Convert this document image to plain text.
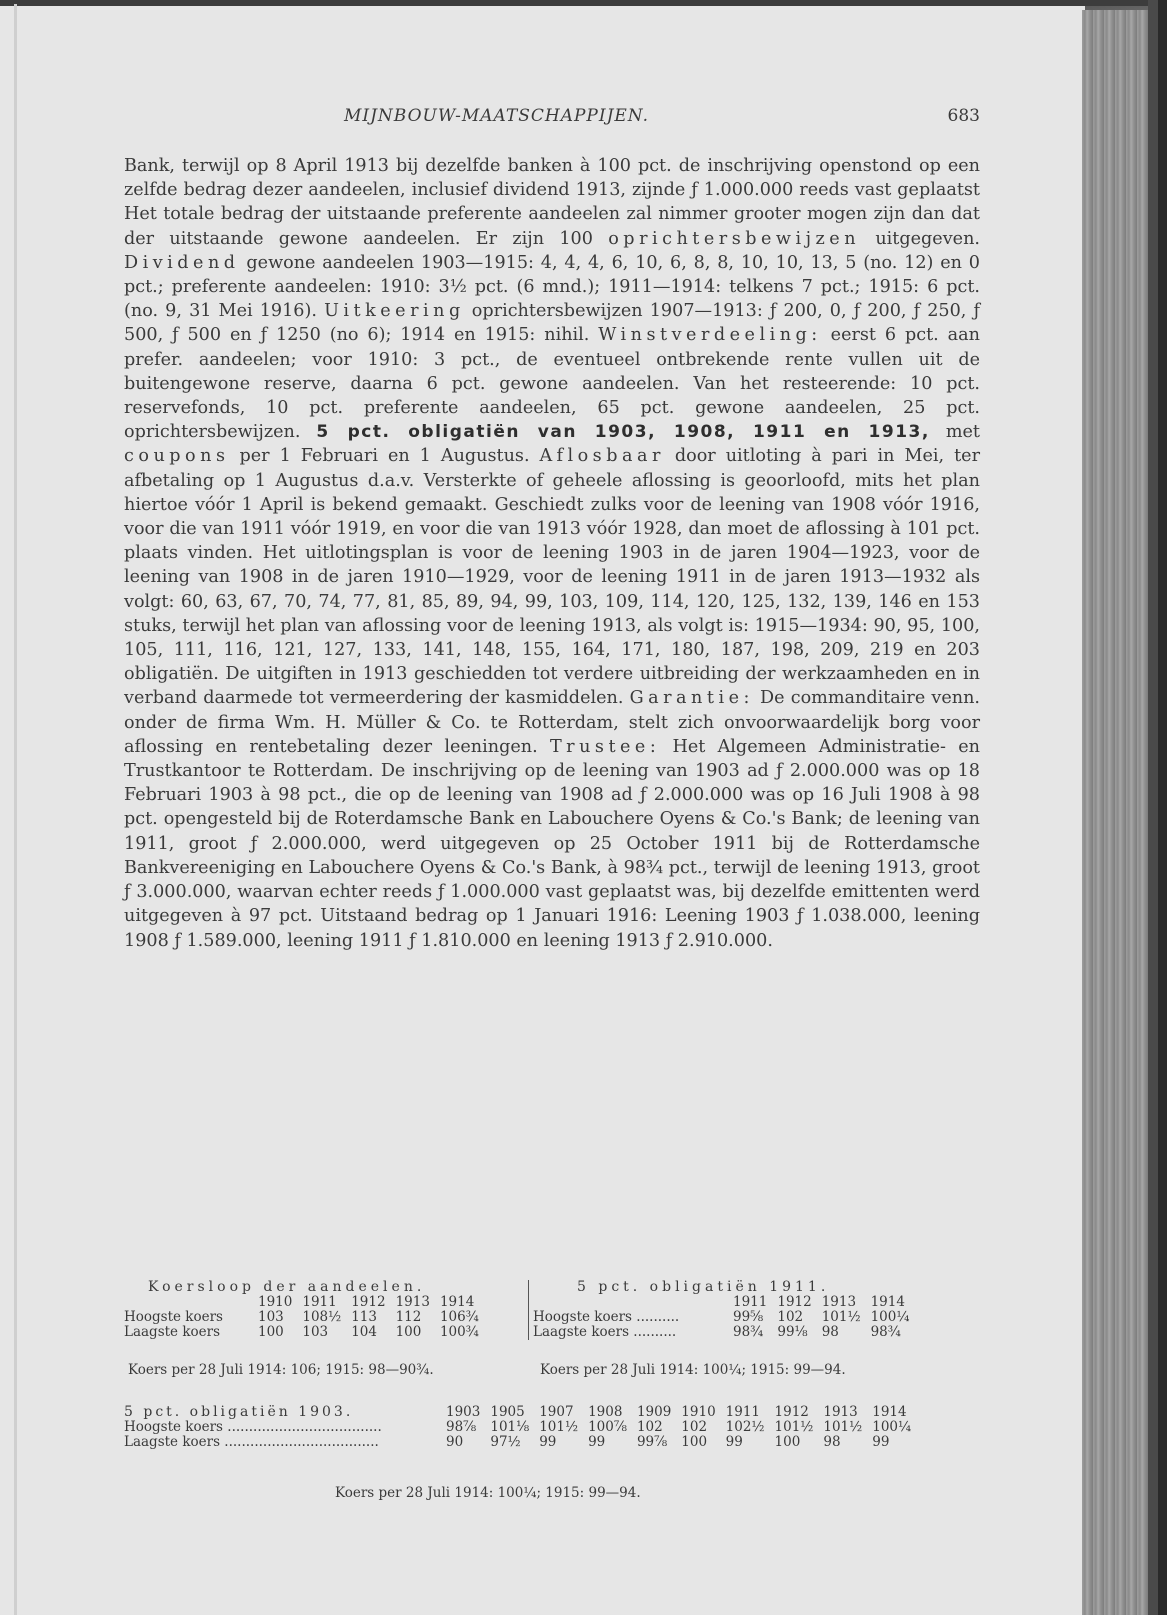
MIJNBOUW-MAATSCHAPPIJEN.	683
Bank, terwijl op 8 April 1913 bij dezelfde banken à 100 pct. de inschrijving openstond op een zelfde bedrag dezer aandeelen, inclusief dividend 1913, zijnde ƒ 1.000.000 reeds vast geplaatst Het totale bedrag der uitstaande preferente aandeelen zal nimmer grooter mogen zijn dan dat der uitstaande gewone aandeelen. Er zijn 100 oprichtersbewijzen uitgegeven. Dividend gewone aandeelen 1903—1915: 4, 4, 4, 6, 10, 6, 8, 8, 10, 10, 13, 5 (no. 12) en 0 pct.; preferente aandeelen: 1910: 3½ pct. (6 mnd.); 1911—1914: telkens 7 pct.; 1915: 6 pct. (no. 9, 31 Mei 1916). Uitkeering oprichtersbewijzen 1907—1913: ƒ 200, 0, ƒ 200, ƒ 250, ƒ 500, ƒ 500 en ƒ 1250 (no 6); 1914 en 1915: nihil. Winstverdeeling: eerst 6 pct. aan prefer. aandeelen; voor 1910: 3 pct., de eventueel ontbrekende rente vullen uit de buitengewone reserve, daarna 6 pct. gewone aandeelen. Van het resteerende: 10 pct. reservefonds, 10 pct. preferente aandeelen, 65 pct. gewone aandeelen, 25 pct. oprichtersbewijzen. 5 pct. obligatiën van 1903, 1908, 1911 en 1913, met coupons per 1 Februari en 1 Augustus. Aflosbaar door uitloting à pari in Mei, ter afbetaling op 1 Augustus d.a.v. Versterkte of geheele aflossing is geoorloofd, mits het plan hiertoe vóór 1 April is bekend gemaakt. Geschiedt zulks voor de leening van 1908 vóór 1916, voor die van 1911 vóór 1919, en voor die van 1913 vóór 1928, dan moet de aflossing à 101 pct. plaats vinden. Het uitlotingsplan is voor de leening 1903 in de jaren 1904—1923, voor de leening van 1908 in de jaren 1910—1929, voor de leening 1911 in de jaren 1913—1932 als volgt: 60, 63, 67, 70, 74, 77, 81, 85, 89, 94, 99, 103, 109, 114, 120, 125, 132, 139, 146 en 153 stuks, terwijl het plan van aflossing voor de leening 1913, als volgt is: 1915—1934: 90, 95, 100, 105, 111, 116, 121, 127, 133, 141, 148, 155, 164, 171, 180, 187, 198, 209, 219 en 203 obligatiën. De uitgiften in 1913 geschiedden tot verdere uitbreiding der werkzaamheden en in verband daarmede tot vermeerdering der kasmiddelen. Garantie: De commanditaire venn. onder de firma Wm. H. Müller & Co. te Rotterdam, stelt zich onvoorwaardelijk borg voor aflossing en rentebetaling dezer leeningen. Trustee: Het Algemeen Administratie- en Trustkantoor te Rotterdam. De inschrijving op de leening van 1903 ad ƒ 2.000.000 was op 18 Februari 1903 à 98 pct., die op de leening van 1908 ad ƒ 2.000.000 was op 16 Juli 1908 à 98 pct. opengesteld bij de Roterdamsche Bank en Labouchere Oyens & Co.'s Bank; de leening van 1911, groot ƒ 2.000.000, werd uitgegeven op 25 October 1911 bij de Rotterdamsche Bankvereeniging en Labouchere Oyens & Co.'s Bank, à 98¾ pct., terwijl de leening 1913, groot ƒ 3.000.000, waarvan echter reeds ƒ 1.000.000 vast geplaatst was, bij dezelfde emittenten werd uitgegeven à 97 pct. Uitstaand bedrag op 1 Januari 1916: Leening 1903 ƒ 1.038.000, leening 1908 ƒ 1.589.000, leening 1911 ƒ 1.810.000 en leening 1913 ƒ 2.910.000.
Koersloop der aandeelen.
	1910	1911	1912	1913	1914
Hoogste koers	103	108½	113	112	106¾
Laagste koers	100	103	104	100	100¾
Koers per 28 Juli 1914: 106; 1915: 98—90¾.
5 pct. obligatiën 1911.
	1911	1912	1913	1914
Hoogste koers ..........	99⅝	102	101½	100¼
Laagste koers ..........	98¾	99⅛	98	98¾
Koers per 28 Juli 1914: 100¼; 1915: 99—94.
5 pct. obligatiën 1903.	1903	1905	1907	1908	1909	1910	1911	1912	1913	1914
Hoogste koers ....................................	98⅞	101⅛	101½	100⅞	102	102	102½	101½	101½	100¼
Laagste koers ....................................	90	97½	99	99	99⅞	100	99	100	98	99
Koers per 28 Juli 1914: 100¼; 1915: 99—94.
